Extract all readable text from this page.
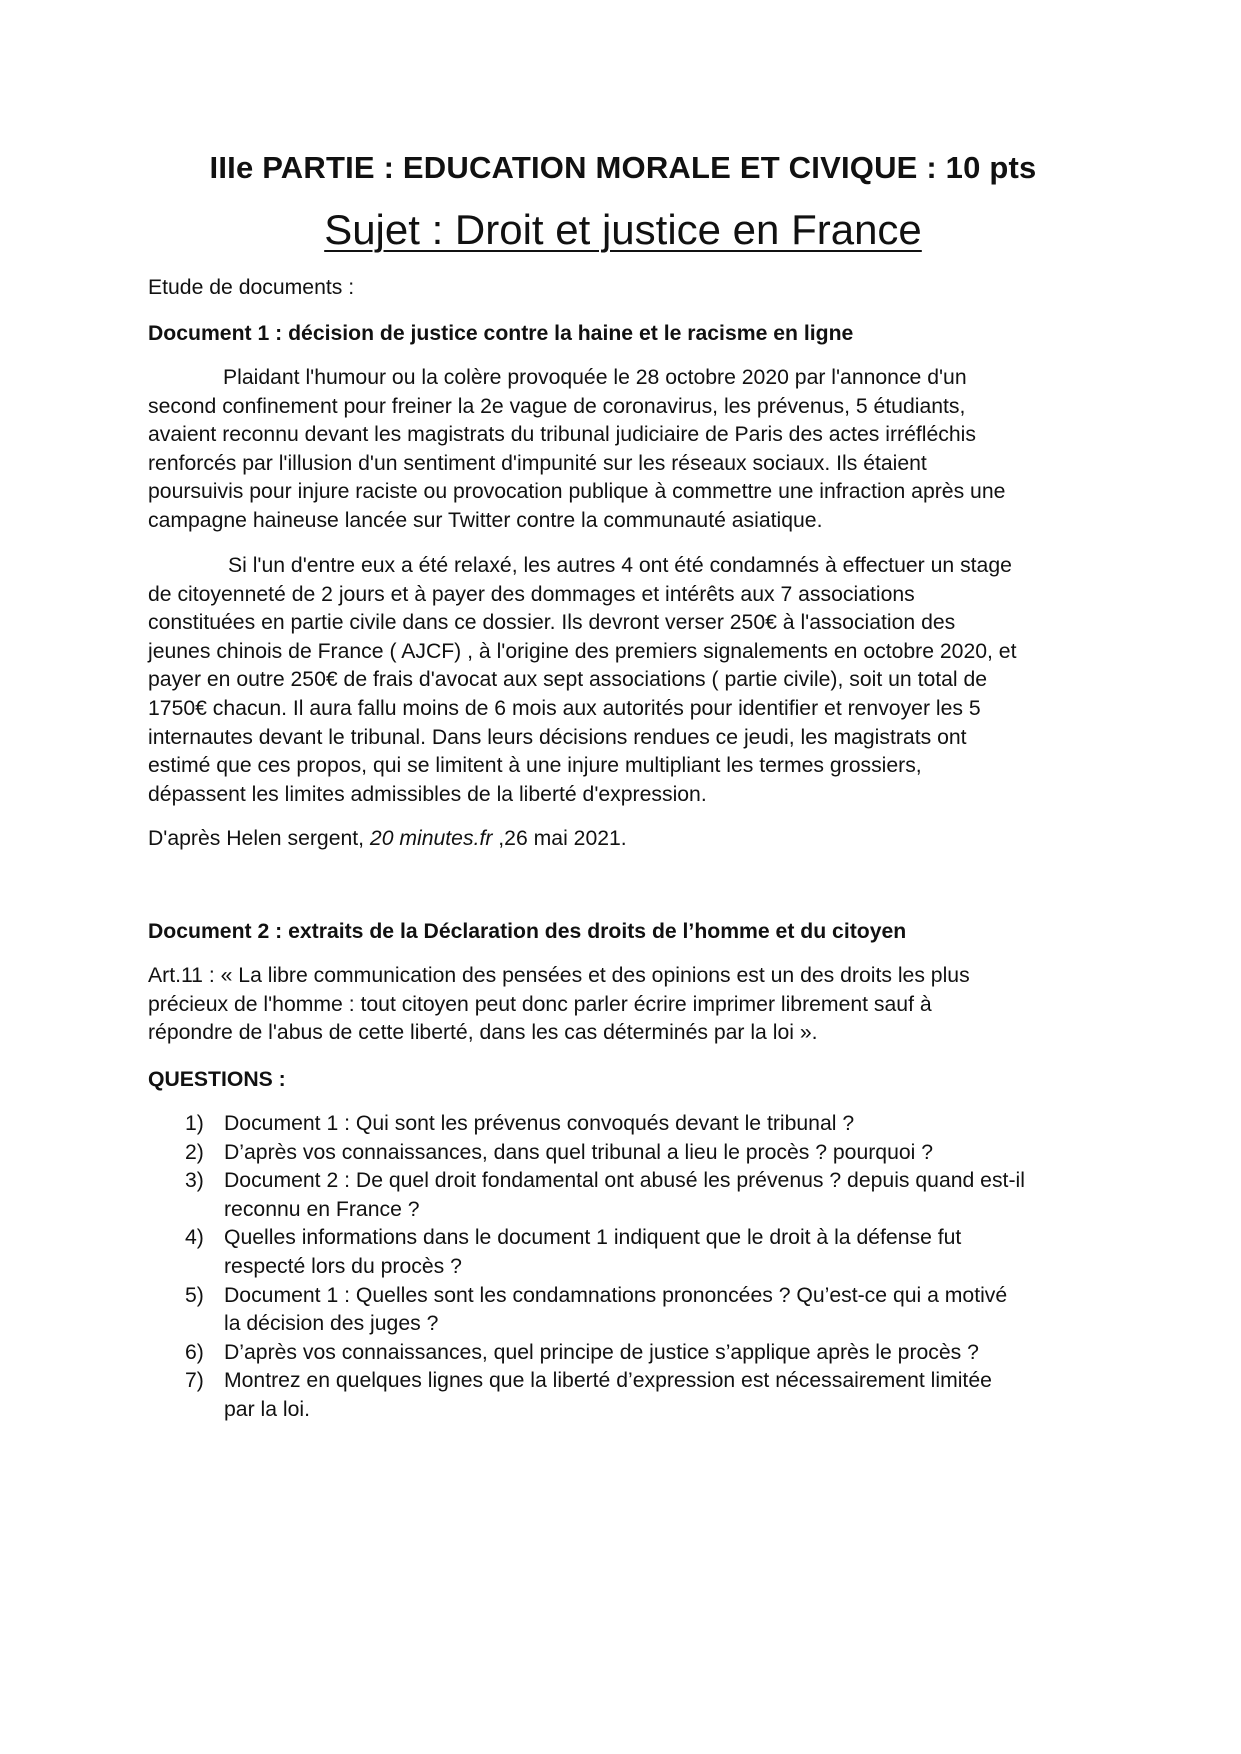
IIIe PARTIE : EDUCATION MORALE ET CIVIQUE : 10 pts
Sujet : Droit et justice en France
Etude de documents :
Document 1 : décision de justice contre la haine et le racisme en ligne

Plaidant l'humour ou la colère provoquée le 28 octobre 2020 par l'annonce d'un
second confinement pour freiner la 2e vague de coronavirus, les prévenus, 5 étudiants,
avaient reconnu devant les magistrats du tribunal judiciaire de Paris des actes irréfléchis
renforcés par l'illusion d'un sentiment d'impunité sur les réseaux sociaux. Ils étaient
poursuivis pour injure raciste ou provocation publique à commettre une infraction après une
campagne haineuse lancée sur Twitter contre la communauté asiatique.

Si l'un d'entre eux a été relaxé, les autres 4 ont été condamnés à effectuer un stage
de citoyenneté de 2 jours et à payer des dommages et intérêts aux 7 associations
constituées en partie civile dans ce dossier. Ils devront verser 250€ à l'association des
jeunes chinois de France ( AJCF) , à l'origine des premiers signalements en octobre 2020, et
payer en outre 250€ de frais d'avocat aux sept associations ( partie civile), soit un total de
1750€ chacun. Il aura fallu moins de 6 mois aux autorités pour identifier et renvoyer les 5
internautes devant le tribunal. Dans leurs décisions rendues ce jeudi, les magistrats ont
estimé que ces propos, qui se limitent à une injure multipliant les termes grossiers,
dépassent les limites admissibles de la liberté d'expression.

D'après Helen sergent, 20 minutes.fr ,26 mai 2021.
Document 2 : extraits de la Déclaration des droits de l’homme et du citoyen

Art.11 : « La libre communication des pensées et des opinions est un des droits les plus
précieux de l'homme : tout citoyen peut donc parler écrire imprimer librement sauf à
répondre de l'abus de cette liberté, dans les cas déterminés par la loi ».

QUESTIONS :
1) Document 1 : Qui sont les prévenus convoqués devant le tribunal ?
2) D’après vos connaissances, dans quel tribunal a lieu le procès ? pourquoi ?
3) Document 2 : De quel droit fondamental ont abusé les prévenus ? depuis quand est-il
reconnu en France ?
4) Quelles informations dans le document 1 indiquent que le droit à la défense fut
respecté lors du procès ?
5) Document 1 : Quelles sont les condamnations prononcées ? Qu’est-ce qui a motivé
la décision des juges ?
6) D’après vos connaissances, quel principe de justice s’applique après le procès ?
7) Montrez en quelques lignes que la liberté d’expression est nécessairement limitée
par la loi.
